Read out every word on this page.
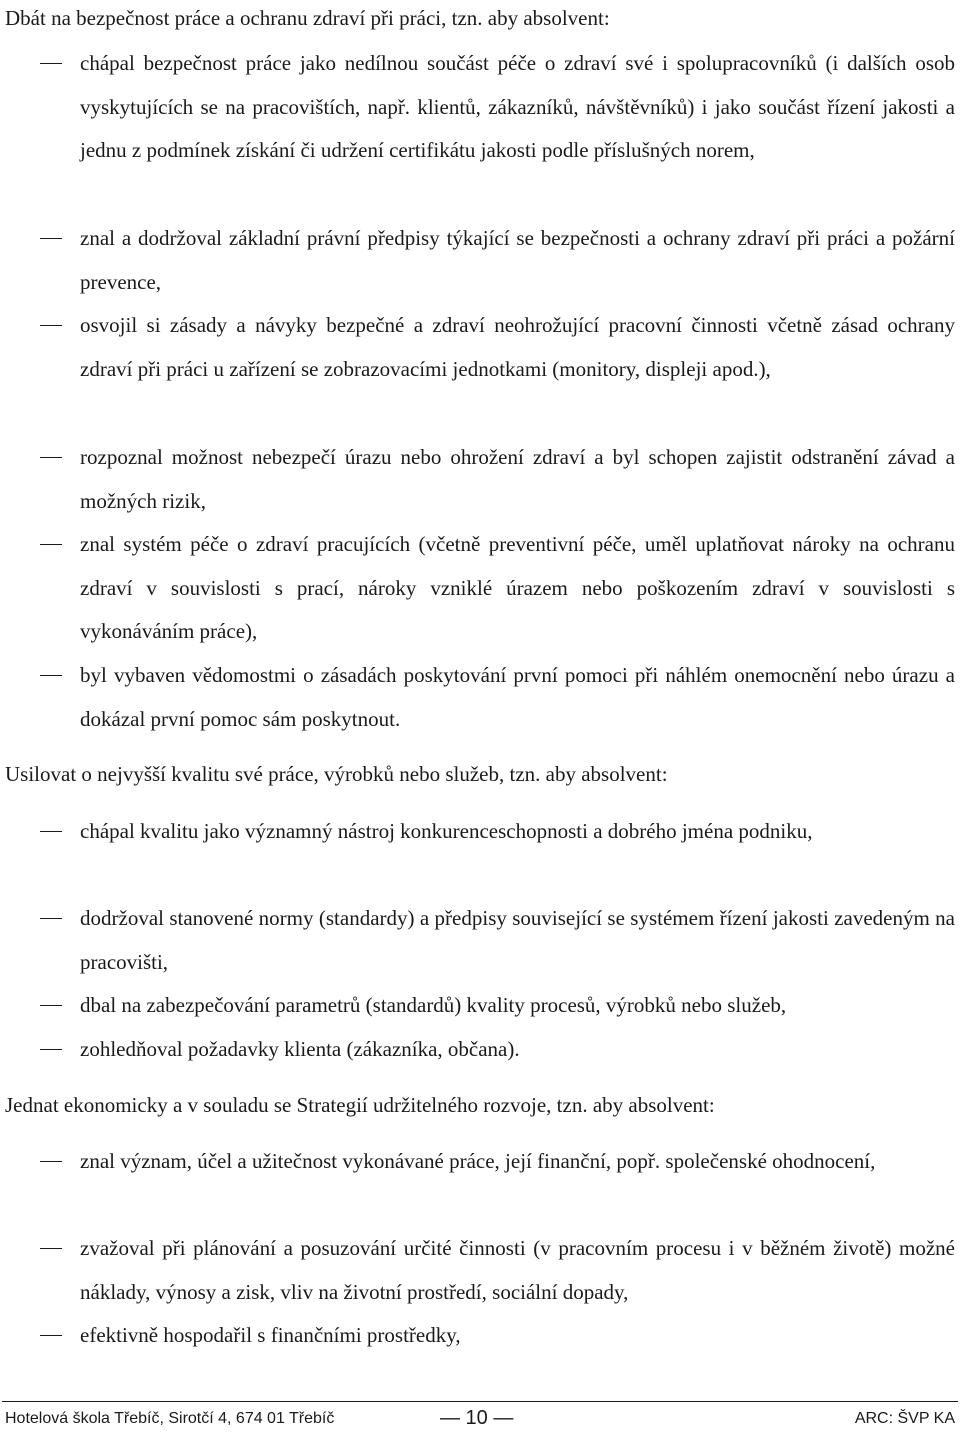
Dbát na bezpečnost práce a ochranu zdraví při práci, tzn. aby absolvent:

chápal bezpečnost práce jako nedílnou součást péče o zdraví své i spolupracovníků (i dalších osob vyskytujících se na pracovištích, např. klientů, zákazníků, návštěvníků) i jako součást řízení jakosti a jednu z podmínek získání či udržení certifikátu jakosti podle příslušných norem,

znal a dodržoval základní právní předpisy týkající se bezpečnosti a ochrany zdraví při práci a požární prevence,

osvojil si zásady a návyky bezpečné a zdraví neohrožující pracovní činnosti včetně zásad ochrany zdraví při práci u zařízení se zobrazovacími jednotkami (monitory, displeji apod.),

rozpoznal možnost nebezpečí úrazu nebo ohrožení zdraví a byl schopen zajistit odstranění závad a možných rizik,

znal systém péče o zdraví pracujících (včetně preventivní péče, uměl uplatňovat nároky na ochranu zdraví v souvislosti s prací, nároky vzniklé úrazem nebo poškozením zdraví v souvislosti s vykonáváním práce),

byl vybaven vědomostmi o zásadách poskytování první pomoci při náhlém onemocnění nebo úrazu a dokázal první pomoc sám poskytnout.

Usilovat o nejvyšší kvalitu své práce, výrobků nebo služeb, tzn. aby absolvent:

chápal kvalitu jako významný nástroj konkurenceschopnosti a dobrého jména podniku,

dodržoval stanovené normy (standardy) a předpisy související se systémem řízení jakosti zavedeným na pracovišti,

dbal na zabezpečování parametrů (standardů) kvality procesů, výrobků nebo služeb,

zohledňoval požadavky klienta (zákazníka, občana).

Jednat ekonomicky a v souladu se Strategií udržitelného rozvoje, tzn. aby absolvent:

znal význam, účel a užitečnost vykonávané práce, její finanční, popř. společenské ohodnocení,

zvažoval při plánování a posuzování určité činnosti (v pracovním procesu i v běžném životě) možné náklady, výnosy a zisk, vliv na životní prostředí, sociální dopady,

efektivně hospodařil s finančními prostředky,

Hotelová škola Třebíč, Sirotčí 4, 674 01 Třebíč	— 10 —	ARC: ŠVP KA
